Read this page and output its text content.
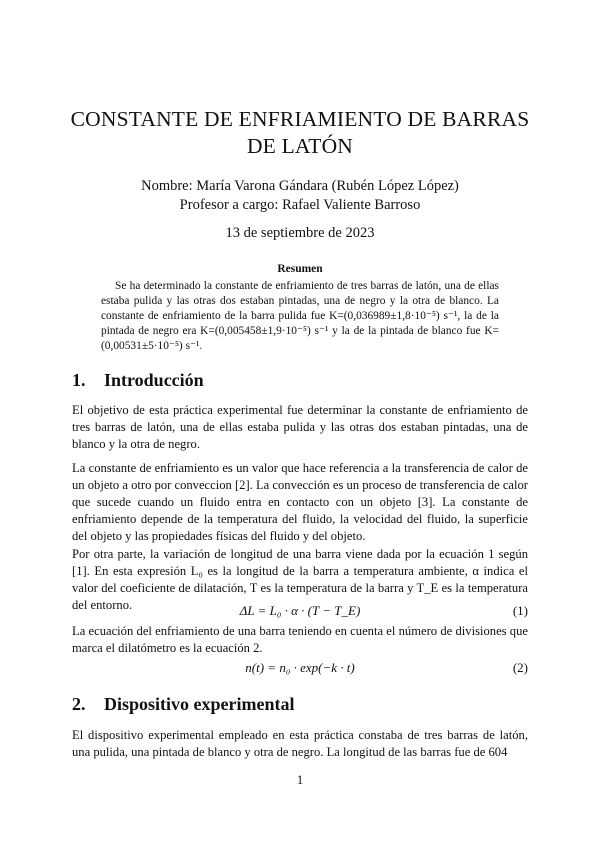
CONSTANTE DE ENFRIAMIENTO DE BARRAS DE LATÓN
Nombre: María Varona Gándara (Rubén López López)
Profesor a cargo: Rafael Valiente Barroso
13 de septiembre de 2023
Resumen
Se ha determinado la constante de enfriamiento de tres barras de latón, una de ellas estaba pulida y las otras dos estaban pintadas, una de negro y la otra de blanco. La constante de enfriamiento de la barra pulida fue K=(0,036989±1,8·10⁻⁵) s⁻¹, la de la pintada de negro era K=(0,005458±1,9·10⁻⁵) s⁻¹ y la de la pintada de blanco fue K=(0,00531±5·10⁻⁵) s⁻¹.
1. Introducción
El objetivo de esta práctica experimental fue determinar la constante de enfriamiento de tres barras de latón, una de ellas estaba pulida y las otras dos estaban pintadas, una de blanco y la otra de negro.
La constante de enfriamiento es un valor que hace referencia a la transferencia de calor de un objeto a otro por conveccion [2]. La convección es un proceso de transferencia de calor que sucede cuando un fluido entra en contacto con un objeto [3]. La constante de enfriamiento depende de la temperatura del fluido, la velocidad del fluido, la superficie del objeto y las propiedades físicas del fluido y del objeto.
Por otra parte, la variación de longitud de una barra viene dada por la ecuación 1 según [1]. En esta expresión L₀ es la longitud de la barra a temperatura ambiente, α indica el valor del coeficiente de dilatación, T es la temperatura de la barra y T_E es la temperatura del entorno.	ΔL = L₀ · α · (T − T_E)	(1)
La ecuación del enfriamiento de una barra teniendo en cuenta el número de divisiones que marca el dilatómetro es la ecuación 2.
n(t) = n₀ · exp(−k · t)	(2)
2. Dispositivo experimental
El dispositivo experimental empleado en esta práctica constaba de tres barras de latón, una pulida, una pintada de blanco y otra de negro. La longitud de las barras fue de 604
1
